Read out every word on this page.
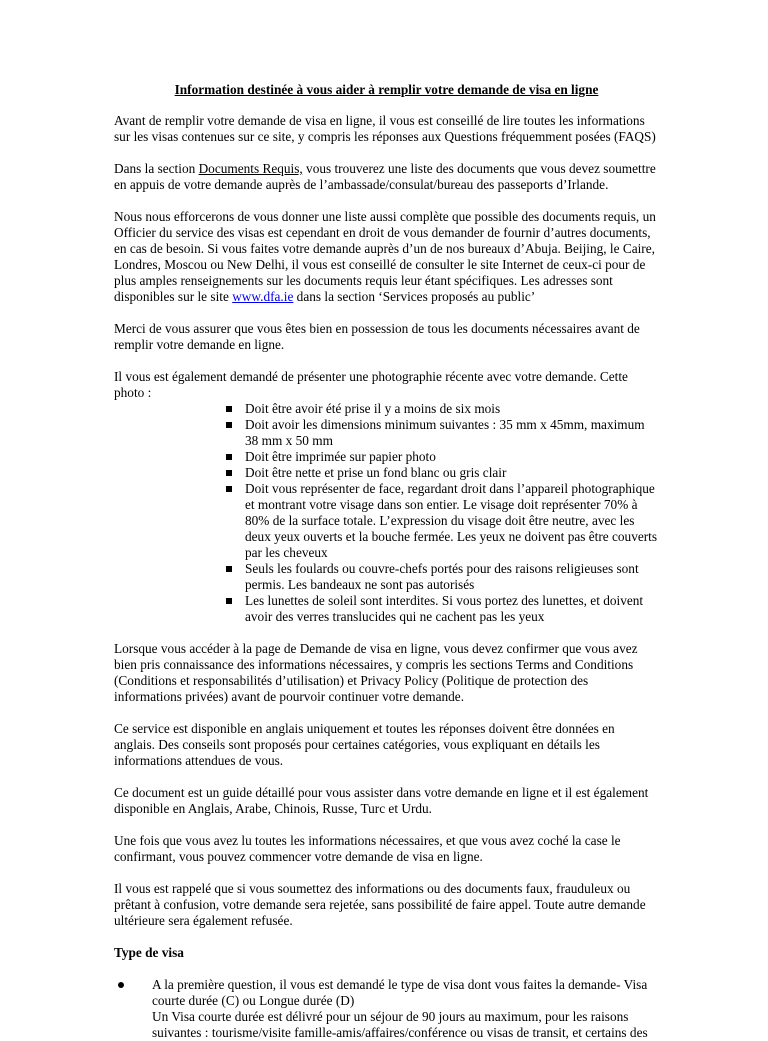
Information destinée à vous aider à remplir votre demande de visa en ligne

Avant de remplir votre demande de visa en ligne, il vous est conseillé de lire toutes les informations sur les visas contenues sur ce site, y compris les réponses aux Questions fréquemment posées (FAQS)

Dans la section Documents Requis, vous trouverez une liste des documents que vous devez soumettre en appuis de votre demande auprès de l’ambassade/consulat/bureau des passeports d’Irlande.

Nous nous efforcerons de vous donner une liste aussi complète que possible des documents requis, un Officier du service des visas est cependant en droit de vous demander de fournir d’autres documents, en cas de besoin. Si vous faites votre demande auprès d’un de nos bureaux d’Abuja. Beijing, le Caire, Londres, Moscou ou New Delhi, il vous est conseillé de consulter le site Internet de ceux-ci pour de plus amples renseignements sur les documents requis leur étant spécifiques. Les adresses sont disponibles sur le site www.dfa.ie dans la section ‘Services proposés au public’

Merci de vous assurer que vous êtes bien en possession de tous les documents nécessaires avant de remplir votre demande en ligne.

Il vous est également demandé de présenter une photographie récente avec votre demande. Cette photo :

Doit être avoir été prise il y a moins de six mois
Doit avoir les dimensions minimum suivantes : 35 mm x 45mm, maximum 38 mm x 50 mm
Doit être imprimée sur papier photo
Doit être nette et prise un fond blanc ou gris clair
Doit vous représenter de face, regardant droit dans l’appareil photographique et montrant votre visage dans son entier. Le visage doit représenter 70% à 80% de la surface totale. L’expression du visage doit être neutre, avec les deux yeux ouverts et la bouche fermée. Les yeux ne doivent pas être couverts par les cheveux
Seuls les foulards ou couvre-chefs portés pour des raisons religieuses sont permis. Les bandeaux ne sont pas autorisés
Les lunettes de soleil sont interdites. Si vous portez des lunettes, et doivent avoir des verres translucides qui ne cachent pas les yeux

Lorsque vous accéder à la page de Demande de visa en ligne, vous devez confirmer que vous avez bien pris connaissance des informations nécessaires, y compris les sections Terms and Conditions (Conditions et responsabilités d’utilisation) et Privacy Policy (Politique de protection des informations privées) avant de pourvoir continuer votre demande.

Ce service est disponible en anglais uniquement et toutes les réponses doivent être données en anglais. Des conseils sont proposés pour certaines catégories, vous expliquant en détails les informations attendues de vous.

Ce document est un guide détaillé pour vous assister dans votre demande en ligne et il est également disponible en Anglais, Arabe, Chinois, Russe, Turc et Urdu.

Une fois que vous avez lu toutes les informations nécessaires, et que vous avez coché la case le confirmant, vous pouvez commencer votre demande de visa en ligne.

Il vous est rappelé que si vous soumettez des informations ou des documents faux, frauduleux ou prêtant à confusion, votre demande sera rejetée, sans possibilité de faire appel. Toute autre demande ultérieure sera également refusée.

Type de visa
A la première question, il vous est demandé le type de visa dont vous faites la demande- Visa courte durée (C) ou Longue durée (D)
Un Visa courte durée est délivré pour un séjour de 90 jours au maximum, pour les raisons suivantes : tourisme/visite famille-amis/affaires/conférence ou visas de transit, et certains des
